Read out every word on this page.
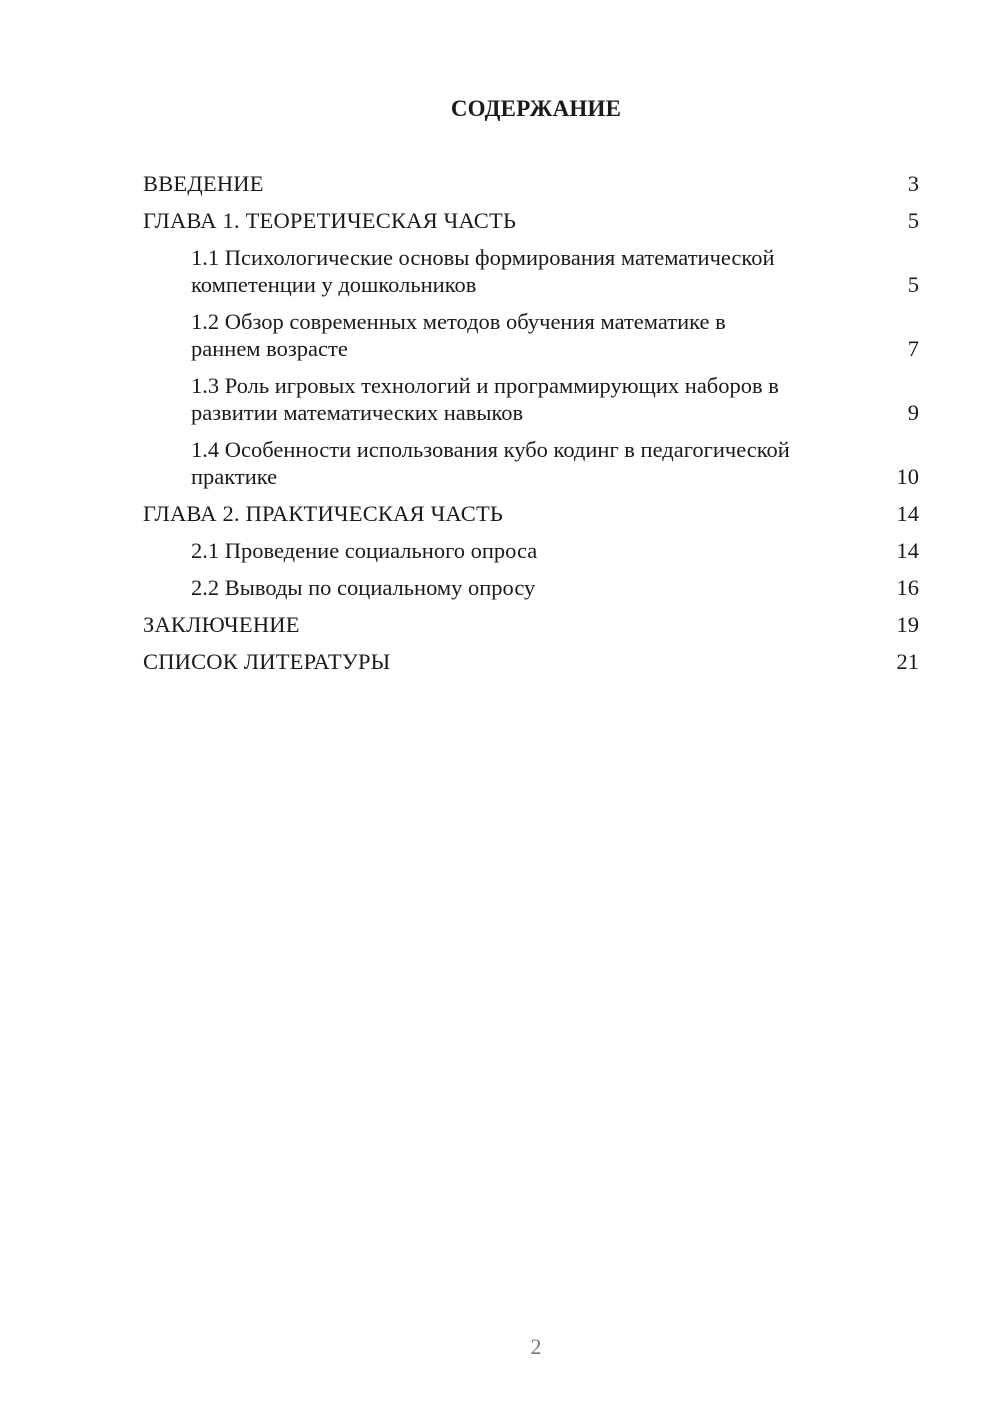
СОДЕРЖАНИЕ
ВВЕДЕНИЕ	3
ГЛАВА 1. ТЕОРЕТИЧЕСКАЯ ЧАСТЬ	5
1.1 Психологические основы формирования математической компетенции у дошкольников	5
1.2 Обзор современных методов обучения математике в раннем возрасте	7
1.3 Роль игровых технологий и программирующих наборов в развитии математических навыков	9
1.4 Особенности использования кубо кодинг в педагогической практике	10
ГЛАВА 2. ПРАКТИЧЕСКАЯ ЧАСТЬ	14
2.1 Проведение социального опроса	14
2.2 Выводы по социальному опросу	16
ЗАКЛЮЧЕНИЕ	19
СПИСОК ЛИТЕРАТУРЫ	21
2
